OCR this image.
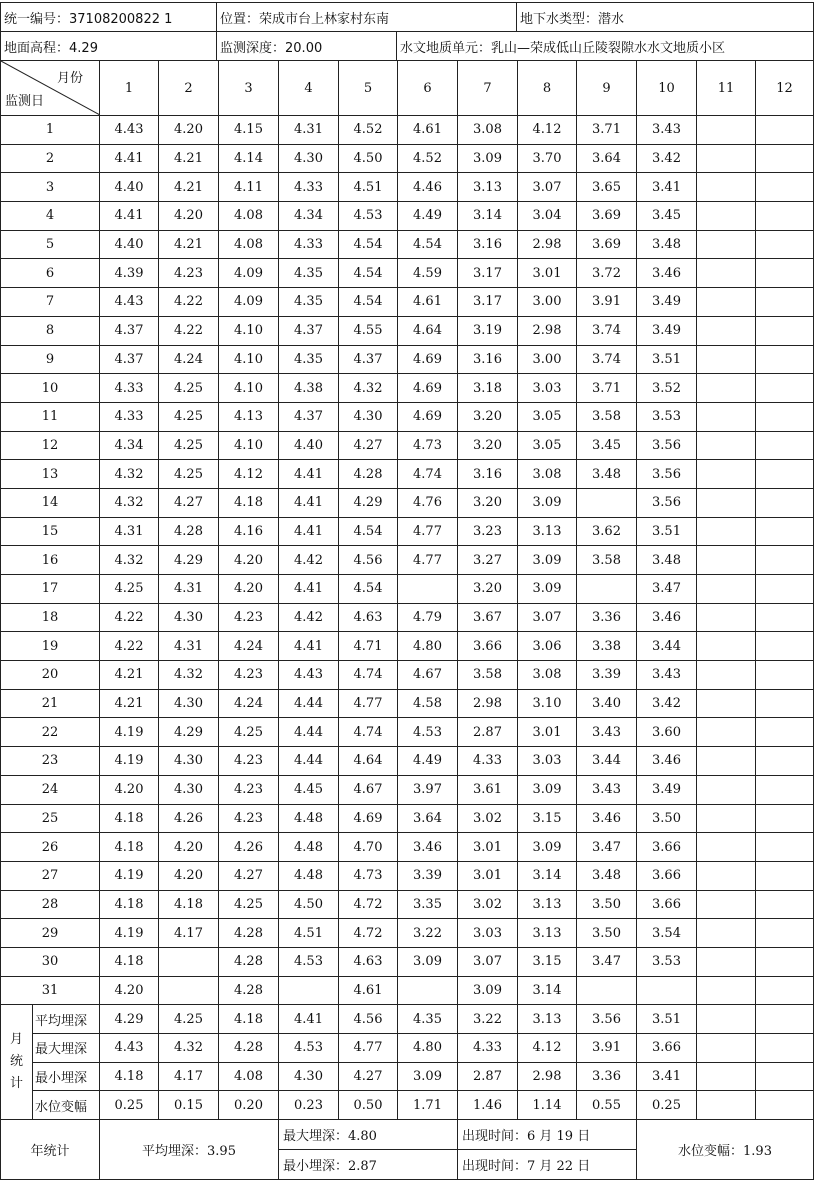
统一编号：37108200822 1	位置：荣成市台上林家村东南		地下水类型：潜水
地面高程：4.29	监测深度：20.00	水文地质单元：乳山—荣成低山丘陵裂隙水水文地质小区	
月份
监测日		1	2	3	4	5	6	7	8	9	10	11	12
1		4.43	4.20	4.15	4.31	4.52	4.61	3.08	4.12	3.71	3.43		
2		4.41	4.21	4.14	4.30	4.50	4.52	3.09	3.70	3.64	3.42		
3		4.40	4.21	4.11	4.33	4.51	4.46	3.13	3.07	3.65	3.41		
4		4.41	4.20	4.08	4.34	4.53	4.49	3.14	3.04	3.69	3.45		
5		4.40	4.21	4.08	4.33	4.54	4.54	3.16	2.98	3.69	3.48		
6		4.39	4.23	4.09	4.35	4.54	4.59	3.17	3.01	3.72	3.46		
7		4.43	4.22	4.09	4.35	4.54	4.61	3.17	3.00	3.91	3.49		
8		4.37	4.22	4.10	4.37	4.55	4.64	3.19	2.98	3.74	3.49		
9		4.37	4.24	4.10	4.35	4.37	4.69	3.16	3.00	3.74	3.51		
10		4.33	4.25	4.10	4.38	4.32	4.69	3.18	3.03	3.71	3.52		
11		4.33	4.25	4.13	4.37	4.30	4.69	3.20	3.05	3.58	3.53		
12		4.34	4.25	4.10	4.40	4.27	4.73	3.20	3.05	3.45	3.56		
13		4.32	4.25	4.12	4.41	4.28	4.74	3.16	3.08	3.48	3.56		
14		4.32	4.27	4.18	4.41	4.29	4.76	3.20	3.09		3.56		
15		4.31	4.28	4.16	4.41	4.54	4.77	3.23	3.13	3.62	3.51		
16		4.32	4.29	4.20	4.42	4.56	4.77	3.27	3.09	3.58	3.48		
17		4.25	4.31	4.20	4.41	4.54		3.20	3.09		3.47		
18		4.22	4.30	4.23	4.42	4.63	4.79	3.67	3.07	3.36	3.46		
19		4.22	4.31	4.24	4.41	4.71	4.80	3.66	3.06	3.38	3.44		
20		4.21	4.32	4.23	4.43	4.74	4.67	3.58	3.08	3.39	3.43		
21		4.21	4.30	4.24	4.44	4.77	4.58	2.98	3.10	3.40	3.42		
22		4.19	4.29	4.25	4.44	4.74	4.53	2.87	3.01	3.43	3.60		
23		4.19	4.30	4.23	4.44	4.64	4.49	4.33	3.03	3.44	3.46		
24		4.20	4.30	4.23	4.45	4.67	3.97	3.61	3.09	3.43	3.49		
25		4.18	4.26	4.23	4.48	4.69	3.64	3.02	3.15	3.46	3.50		
26		4.18	4.20	4.26	4.48	4.70	3.46	3.01	3.09	3.47	3.66		
27		4.19	4.20	4.27	4.48	4.73	3.39	3.01	3.14	3.48	3.66		
28		4.18	4.18	4.25	4.50	4.72	3.35	3.02	3.13	3.50	3.66		
29		4.19	4.17	4.28	4.51	4.72	3.22	3.03	3.13	3.50	3.54		
30		4.18		4.28	4.53	4.63	3.09	3.07	3.15	3.47	3.53		
31		4.20		4.28		4.61		3.09	3.14				

月
统
计	平均埋深	4.29	4.25	4.18	4.41	4.56	4.35	3.22	3.13	3.56	3.51		
	最大埋深	4.43	4.32	4.28	4.53	4.77	4.80	4.33	4.12	3.91	3.66		
	最小埋深	4.18	4.17	4.08	4.30	4.27	3.09	2.87	2.98	3.36	3.41		
	水位变幅	0.25	0.15	0.20	0.23	0.50	1.71	1.46	1.14	0.55	0.25		
年统计		平均埋深：3.95			最大埋深：4.80			出现时间：6 月 19 日			水位变幅：1.93		
					最小埋深：2.87			出现时间：7 月 22 日					
